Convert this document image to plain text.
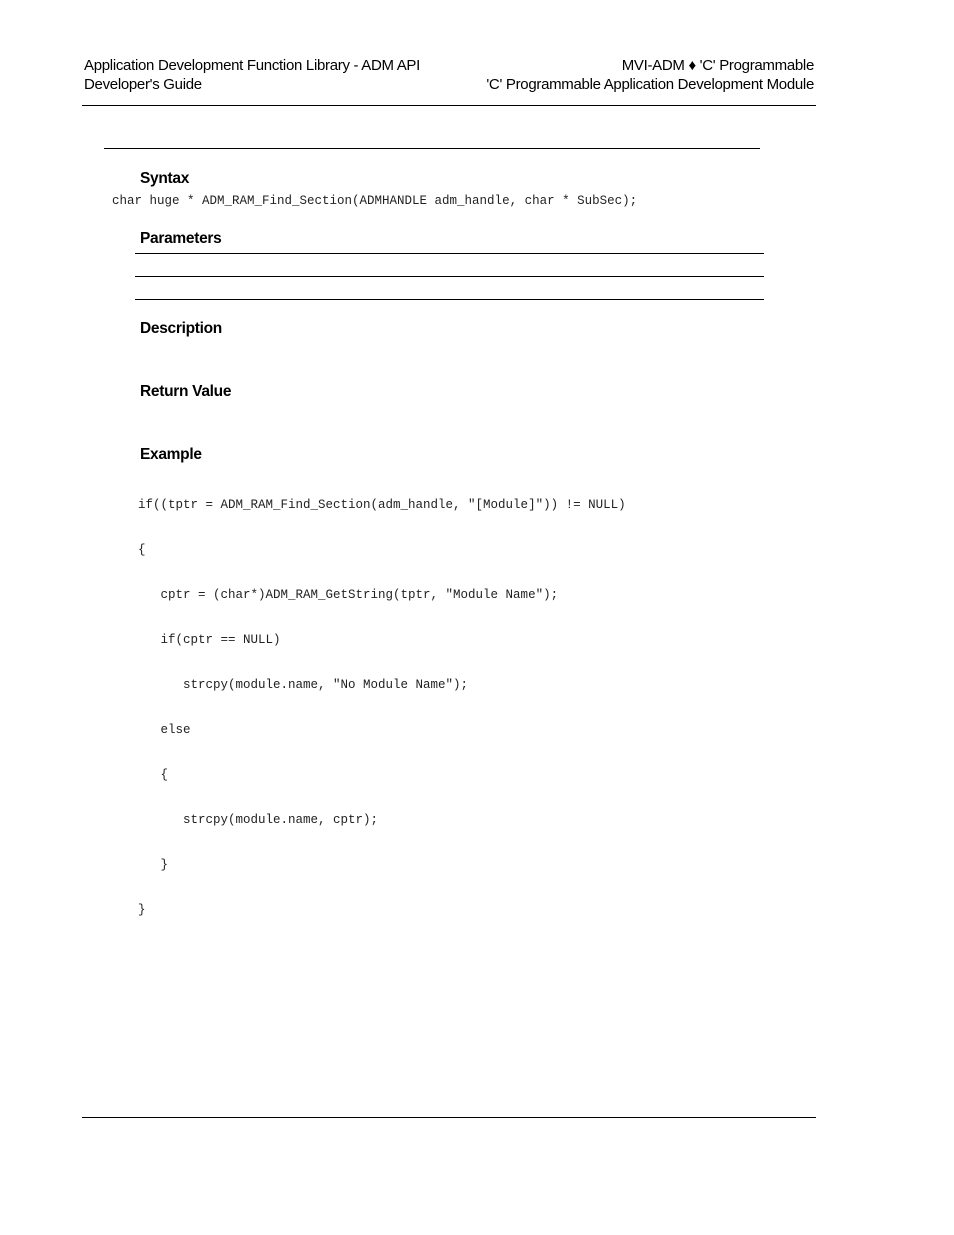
Application Development Function Library - ADM API
Developer's Guide
MVI-ADM ♦ 'C' Programmable
'C' Programmable Application Development Module
Syntax
char huge * ADM_RAM_Find_Section(ADMHANDLE adm_handle, char * SubSec);
Parameters
Description
Return Value
Example

if((tptr = ADM_RAM_Find_Section(adm_handle, "[Module]")) != NULL)

{

cptr = (char*)ADM_RAM_GetString(tptr, "Module Name");

if(cptr == NULL)

strcpy(module.name, "No Module Name");

else

{

strcpy(module.name, cptr);

}

}
